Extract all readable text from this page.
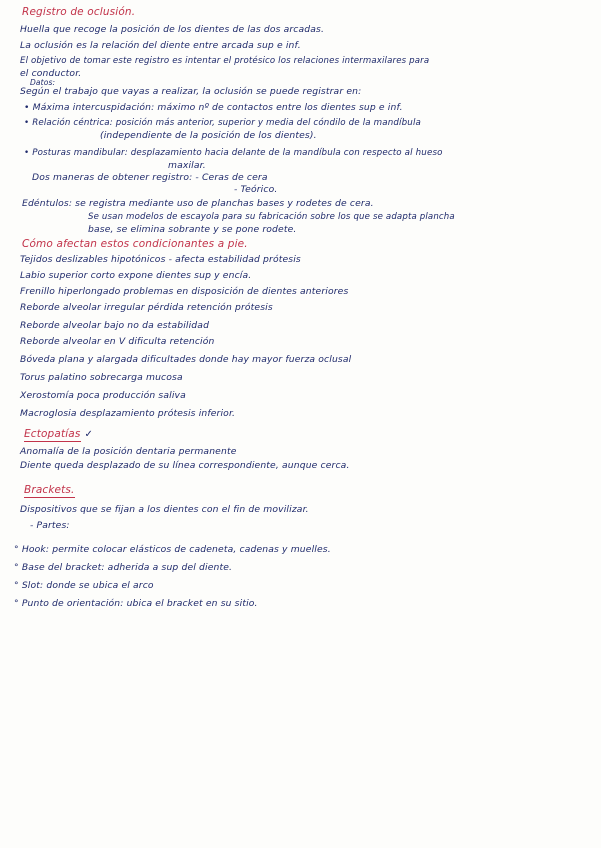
Registro de oclusión.
Huella que recoge la posición de los dientes de las dos arcadas.
La oclusión es la relación del diente entre arcada sup e inf.
El objetivo de tomar este registro es intentar el protésico los relaciones intermaxilares para
el conductor.
Datos:
Según el trabajo que vayas a realizar, la oclusión se puede registrar en:
• Máxima intercuspidación: máximo nº de contactos entre los dientes sup e inf.
• Relación céntrica: posición más anterior, superior y media del cóndilo de la mandíbula
(independiente de la posición de los dientes).
• Posturas mandibular: desplazamiento hacia delante de la mandíbula con respecto al hueso
maxilar.
Dos maneras de obtener registro: - Ceras de cera
- Teórico.
Edéntulos: se registra mediante uso de planchas bases y rodetes de cera.
Se usan modelos de escayola para su fabricación sobre los que se adapta plancha
base, se elimina sobrante y se pone rodete.
Cómo afectan estos condicionantes a pie.
Tejidos deslizables hipotónicos - afecta estabilidad prótesis
Labio superior corto expone dientes sup y encía.
Frenillo hiperlongado problemas en disposición de dientes anteriores
Reborde alveolar irregular pérdida retención prótesis
Reborde alveolar bajo no da estabilidad
Reborde alveolar en V dificulta retención
Bóveda plana y alargada dificultades donde hay mayor fuerza oclusal
Torus palatino sobrecarga mucosa
Xerostomía poca producción saliva
Macroglosia desplazamiento prótesis inferior.
Ectopatías ✓
Anomalía de la posición dentaria permanente
Diente queda desplazado de su línea correspondiente, aunque cerca.
Brackets.
Dispositivos que se fijan a los dientes con el fin de movilizar.
- Partes:
° Hook: permite colocar elásticos de cadeneta, cadenas y muelles.
° Base del bracket: adherida a sup del diente.
° Slot: donde se ubica el arco
° Punto de orientación: ubica el bracket en su sitio.
